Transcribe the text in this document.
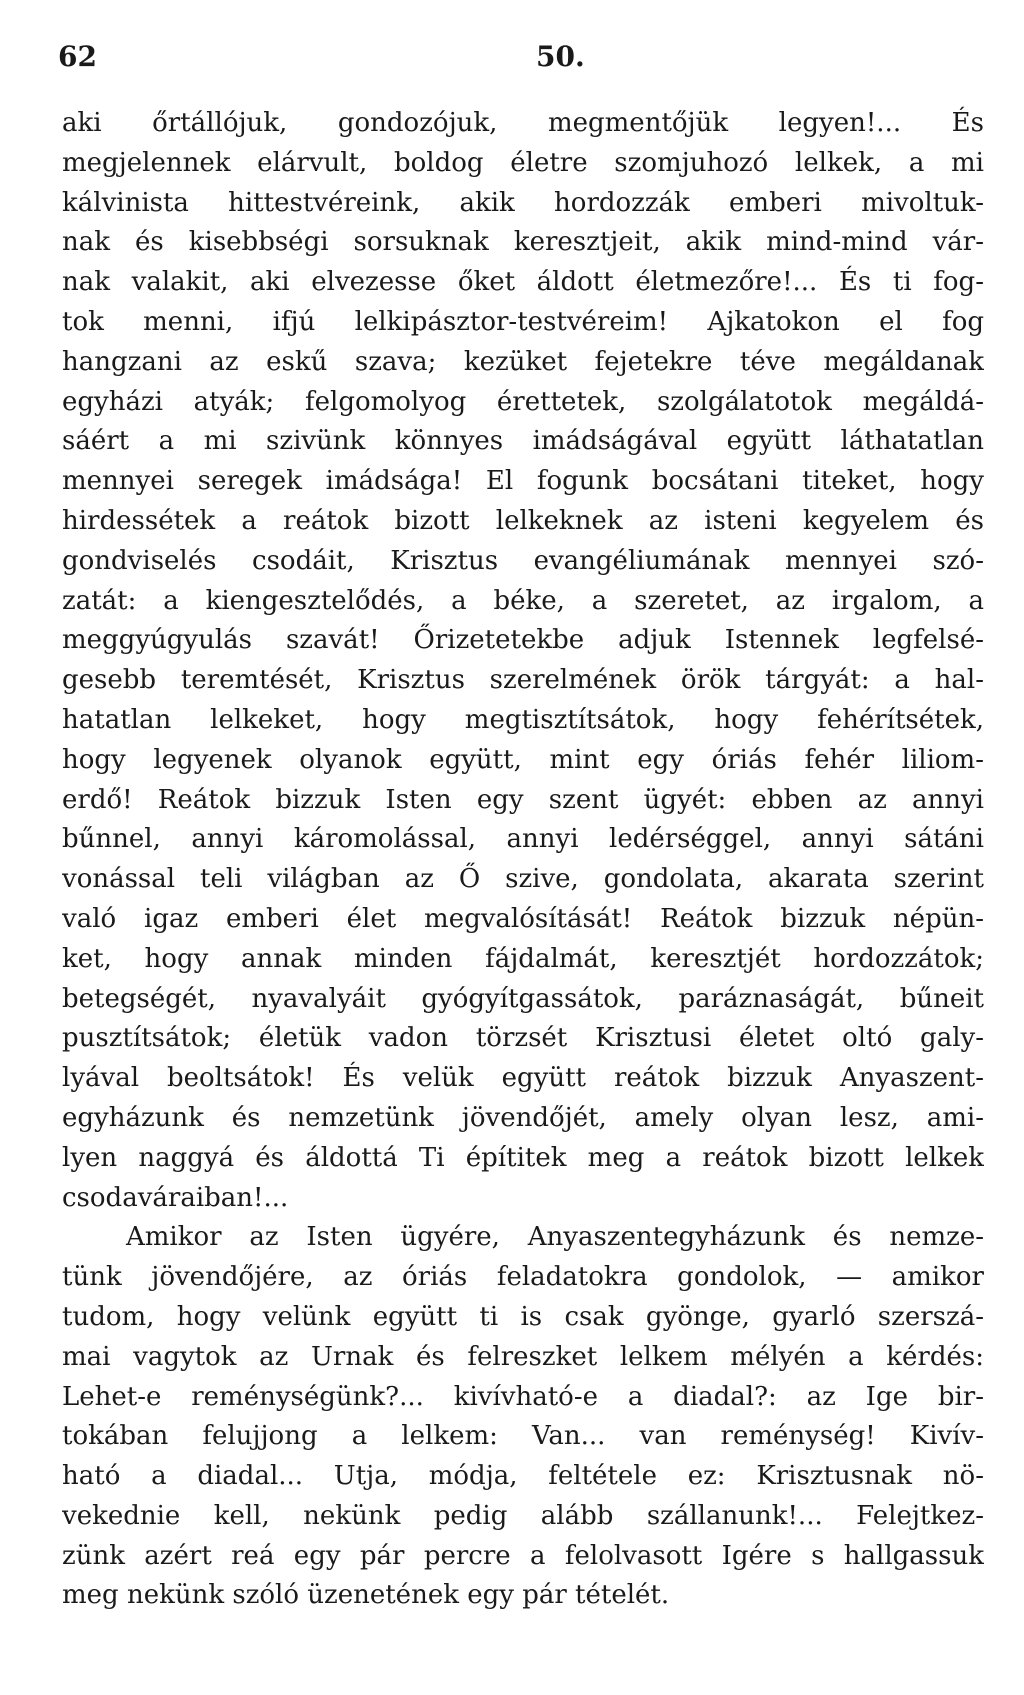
62	50.
aki őrtállójuk, gondozójuk, megmentőjük legyen!... És
megjelennek elárvult, boldog életre szomjuhozó lelkek, a mi
kálvinista hittestvéreink, akik hordozzák emberi mivoltuk-
nak és kisebbségi sorsuknak keresztjeit, akik mind-mind vár-
nak valakit, aki elvezesse őket áldott életmezőre!... És ti fog-
tok menni, ifjú lelkipásztor-testvéreim! Ajkatokon el fog
hangzani az eskű szava; kezüket fejetekre téve megáldanak
egyházi atyák; felgomolyog érettetek, szolgálatotok megáldá-
sáért a mi szivünk könnyes imádságával együtt láthatatlan
mennyei seregek imádsága! El fogunk bocsátani titeket, hogy
hirdessétek a reátok bizott lelkeknek az isteni kegyelem és
gondviselés csodáit, Krisztus evangéliumának mennyei szó-
zatát: a kiengesztelődés, a béke, a szeretet, az irgalom, a
meggyúgyulás szavát! Őrizetetekbe adjuk Istennek legfelsé-
gesebb teremtését, Krisztus szerelmének örök tárgyát: a hal-
hatatlan lelkeket, hogy megtisztítsátok, hogy fehérítsétek,
hogy legyenek olyanok együtt, mint egy óriás fehér liliom-
erdő! Reátok bizzuk Isten egy szent ügyét: ebben az annyi
bűnnel, annyi káromolással, annyi ledérséggel, annyi sátáni
vonással teli világban az Ő szive, gondolata, akarata szerint
való igaz emberi élet megvalósítását! Reátok bizzuk népün-
ket, hogy annak minden fájdalmát, keresztjét hordozzátok;
betegségét, nyavalyáit gyógyítgassátok, paráznaságát, bűneit
pusztítsátok; életük vadon törzsét Krisztusi életet oltó galy-
lyával beoltsátok! És velük együtt reátok bizzuk Anyaszent-
egyházunk és nemzetünk jövendőjét, amely olyan lesz, ami-
lyen naggyá és áldottá Ti építitek meg a reátok bizott lelkek
csodaváraiban!...
Amikor az Isten ügyére, Anyaszentegyházunk és nemze-
tünk jövendőjére, az óriás feladatokra gondolok, — amikor
tudom, hogy velünk együtt ti is csak gyönge, gyarló szerszá-
mai vagytok az Urnak és felreszket lelkem mélyén a kérdés:
Lehet-e reménységünk?... kivívható-e a diadal?: az Ige bir-
tokában felujjong a lelkem: Van... van reménység! Kivív-
ható a diadal... Utja, módja, feltétele ez: Krisztusnak nö-
vekednie kell, nekünk pedig alább szállanunk!... Felejtkez-
zünk azért reá egy pár percre a felolvasott Igére s hallgassuk
meg nekünk szóló üzenetének egy pár tételét.
